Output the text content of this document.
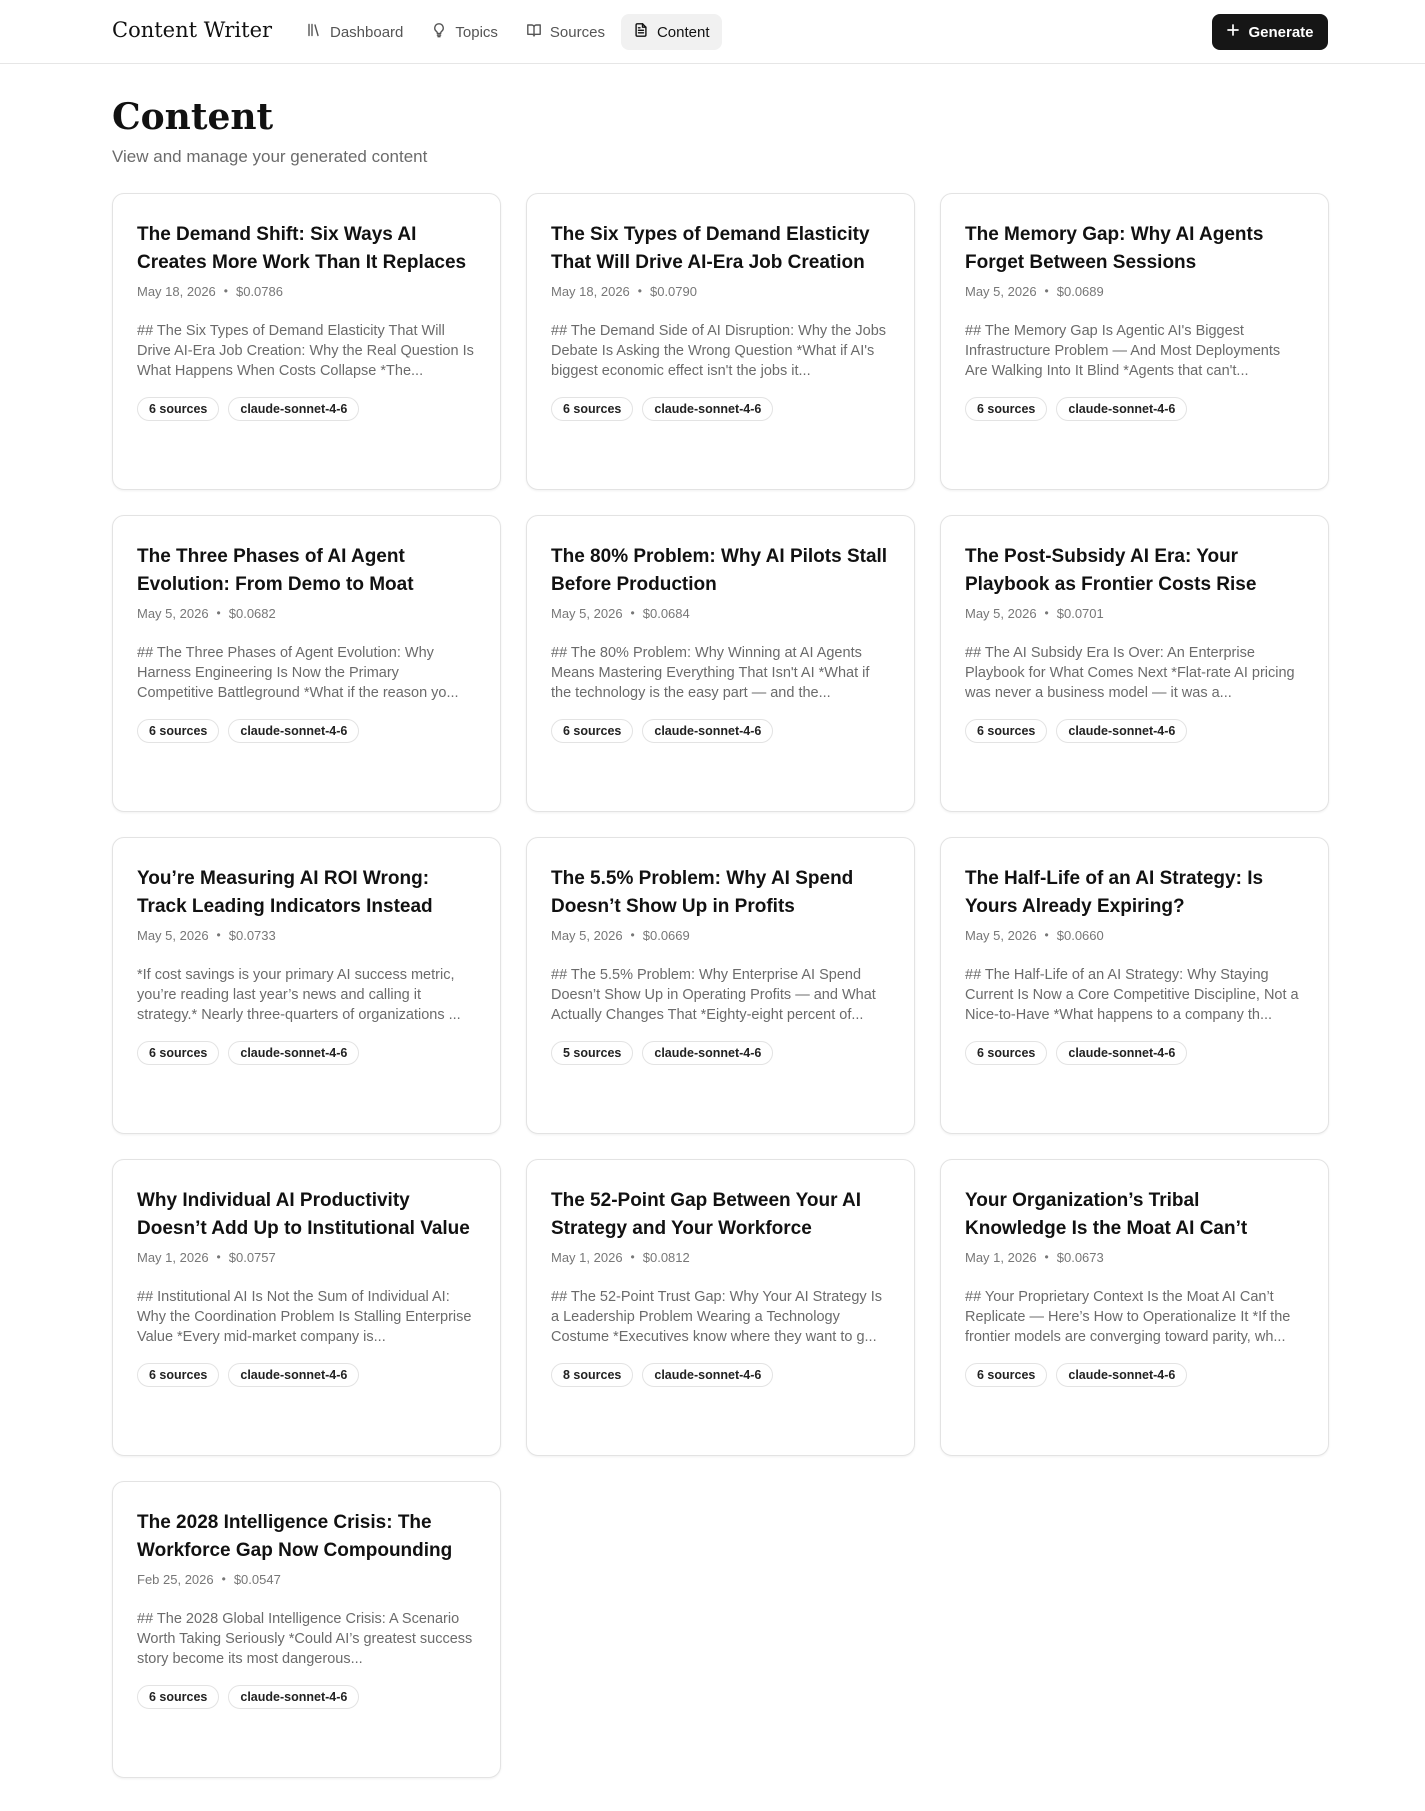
Content Writer	Dashboard	Topics	Sources	Content	Generate
Content

View and manage your generated content

The Demand Shift: Six Ways AI Creates More Work Than It Replaces
May 18, 2026 • $0.0786
## The Six Types of Demand Elasticity That Will Drive AI-Era Job Creation: Why the Real Question Is What Happens When Costs Collapse *The...
6 sources	claude-sonnet-4-6
The Six Types of Demand Elasticity That Will Drive AI-Era Job Creation
May 18, 2026 • $0.0790
## The Demand Side of AI Disruption: Why the Jobs Debate Is Asking the Wrong Question *What if AI's biggest economic effect isn't the jobs it...
6 sources	claude-sonnet-4-6
The Memory Gap: Why AI Agents Forget Between Sessions
May 5, 2026 • $0.0689
## The Memory Gap Is Agentic AI's Biggest Infrastructure Problem — And Most Deployments Are Walking Into It Blind *Agents that can't...
6 sources	claude-sonnet-4-6
The Three Phases of AI Agent Evolution: From Demo to Moat
May 5, 2026 • $0.0682
## The Three Phases of Agent Evolution: Why Harness Engineering Is Now the Primary Competitive Battleground *What if the reason yo...
6 sources	claude-sonnet-4-6
The 80% Problem: Why AI Pilots Stall Before Production
May 5, 2026 • $0.0684
## The 80% Problem: Why Winning at AI Agents Means Mastering Everything That Isn't AI *What if the technology is the easy part — and the...
6 sources	claude-sonnet-4-6
The Post-Subsidy AI Era: Your Playbook as Frontier Costs Rise
May 5, 2026 • $0.0701
## The AI Subsidy Era Is Over: An Enterprise Playbook for What Comes Next *Flat-rate AI pricing was never a business model — it was a...
6 sources	claude-sonnet-4-6
You’re Measuring AI ROI Wrong: Track Leading Indicators Instead
May 5, 2026 • $0.0733
*If cost savings is your primary AI success metric, you’re reading last year’s news and calling it strategy.* Nearly three-quarters of organizations ...
6 sources	claude-sonnet-4-6
The 5.5% Problem: Why AI Spend Doesn’t Show Up in Profits
May 5, 2026 • $0.0669
## The 5.5% Problem: Why Enterprise AI Spend Doesn’t Show Up in Operating Profits — and What Actually Changes That *Eighty-eight percent of...
5 sources	claude-sonnet-4-6
The Half-Life of an AI Strategy: Is Yours Already Expiring?
May 5, 2026 • $0.0660
## The Half-Life of an AI Strategy: Why Staying Current Is Now a Core Competitive Discipline, Not a Nice-to-Have *What happens to a company th...
6 sources	claude-sonnet-4-6
Why Individual AI Productivity Doesn’t Add Up to Institutional Value
May 1, 2026 • $0.0757
## Institutional AI Is Not the Sum of Individual AI: Why the Coordination Problem Is Stalling Enterprise Value *Every mid-market company is...
6 sources	claude-sonnet-4-6
The 52-Point Gap Between Your AI Strategy and Your Workforce
May 1, 2026 • $0.0812
## The 52-Point Trust Gap: Why Your AI Strategy Is a Leadership Problem Wearing a Technology Costume *Executives know where they want to g...
8 sources	claude-sonnet-4-6
Your Organization’s Tribal Knowledge Is the Moat AI Can’t
May 1, 2026 • $0.0673
## Your Proprietary Context Is the Moat AI Can’t Replicate — Here’s How to Operationalize It *If the frontier models are converging toward parity, wh...
6 sources	claude-sonnet-4-6
The 2028 Intelligence Crisis: The Workforce Gap Now Compounding
Feb 25, 2026 • $0.0547
## The 2028 Global Intelligence Crisis: A Scenario Worth Taking Seriously *Could AI’s greatest success story become its most dangerous...
6 sources	claude-sonnet-4-6
